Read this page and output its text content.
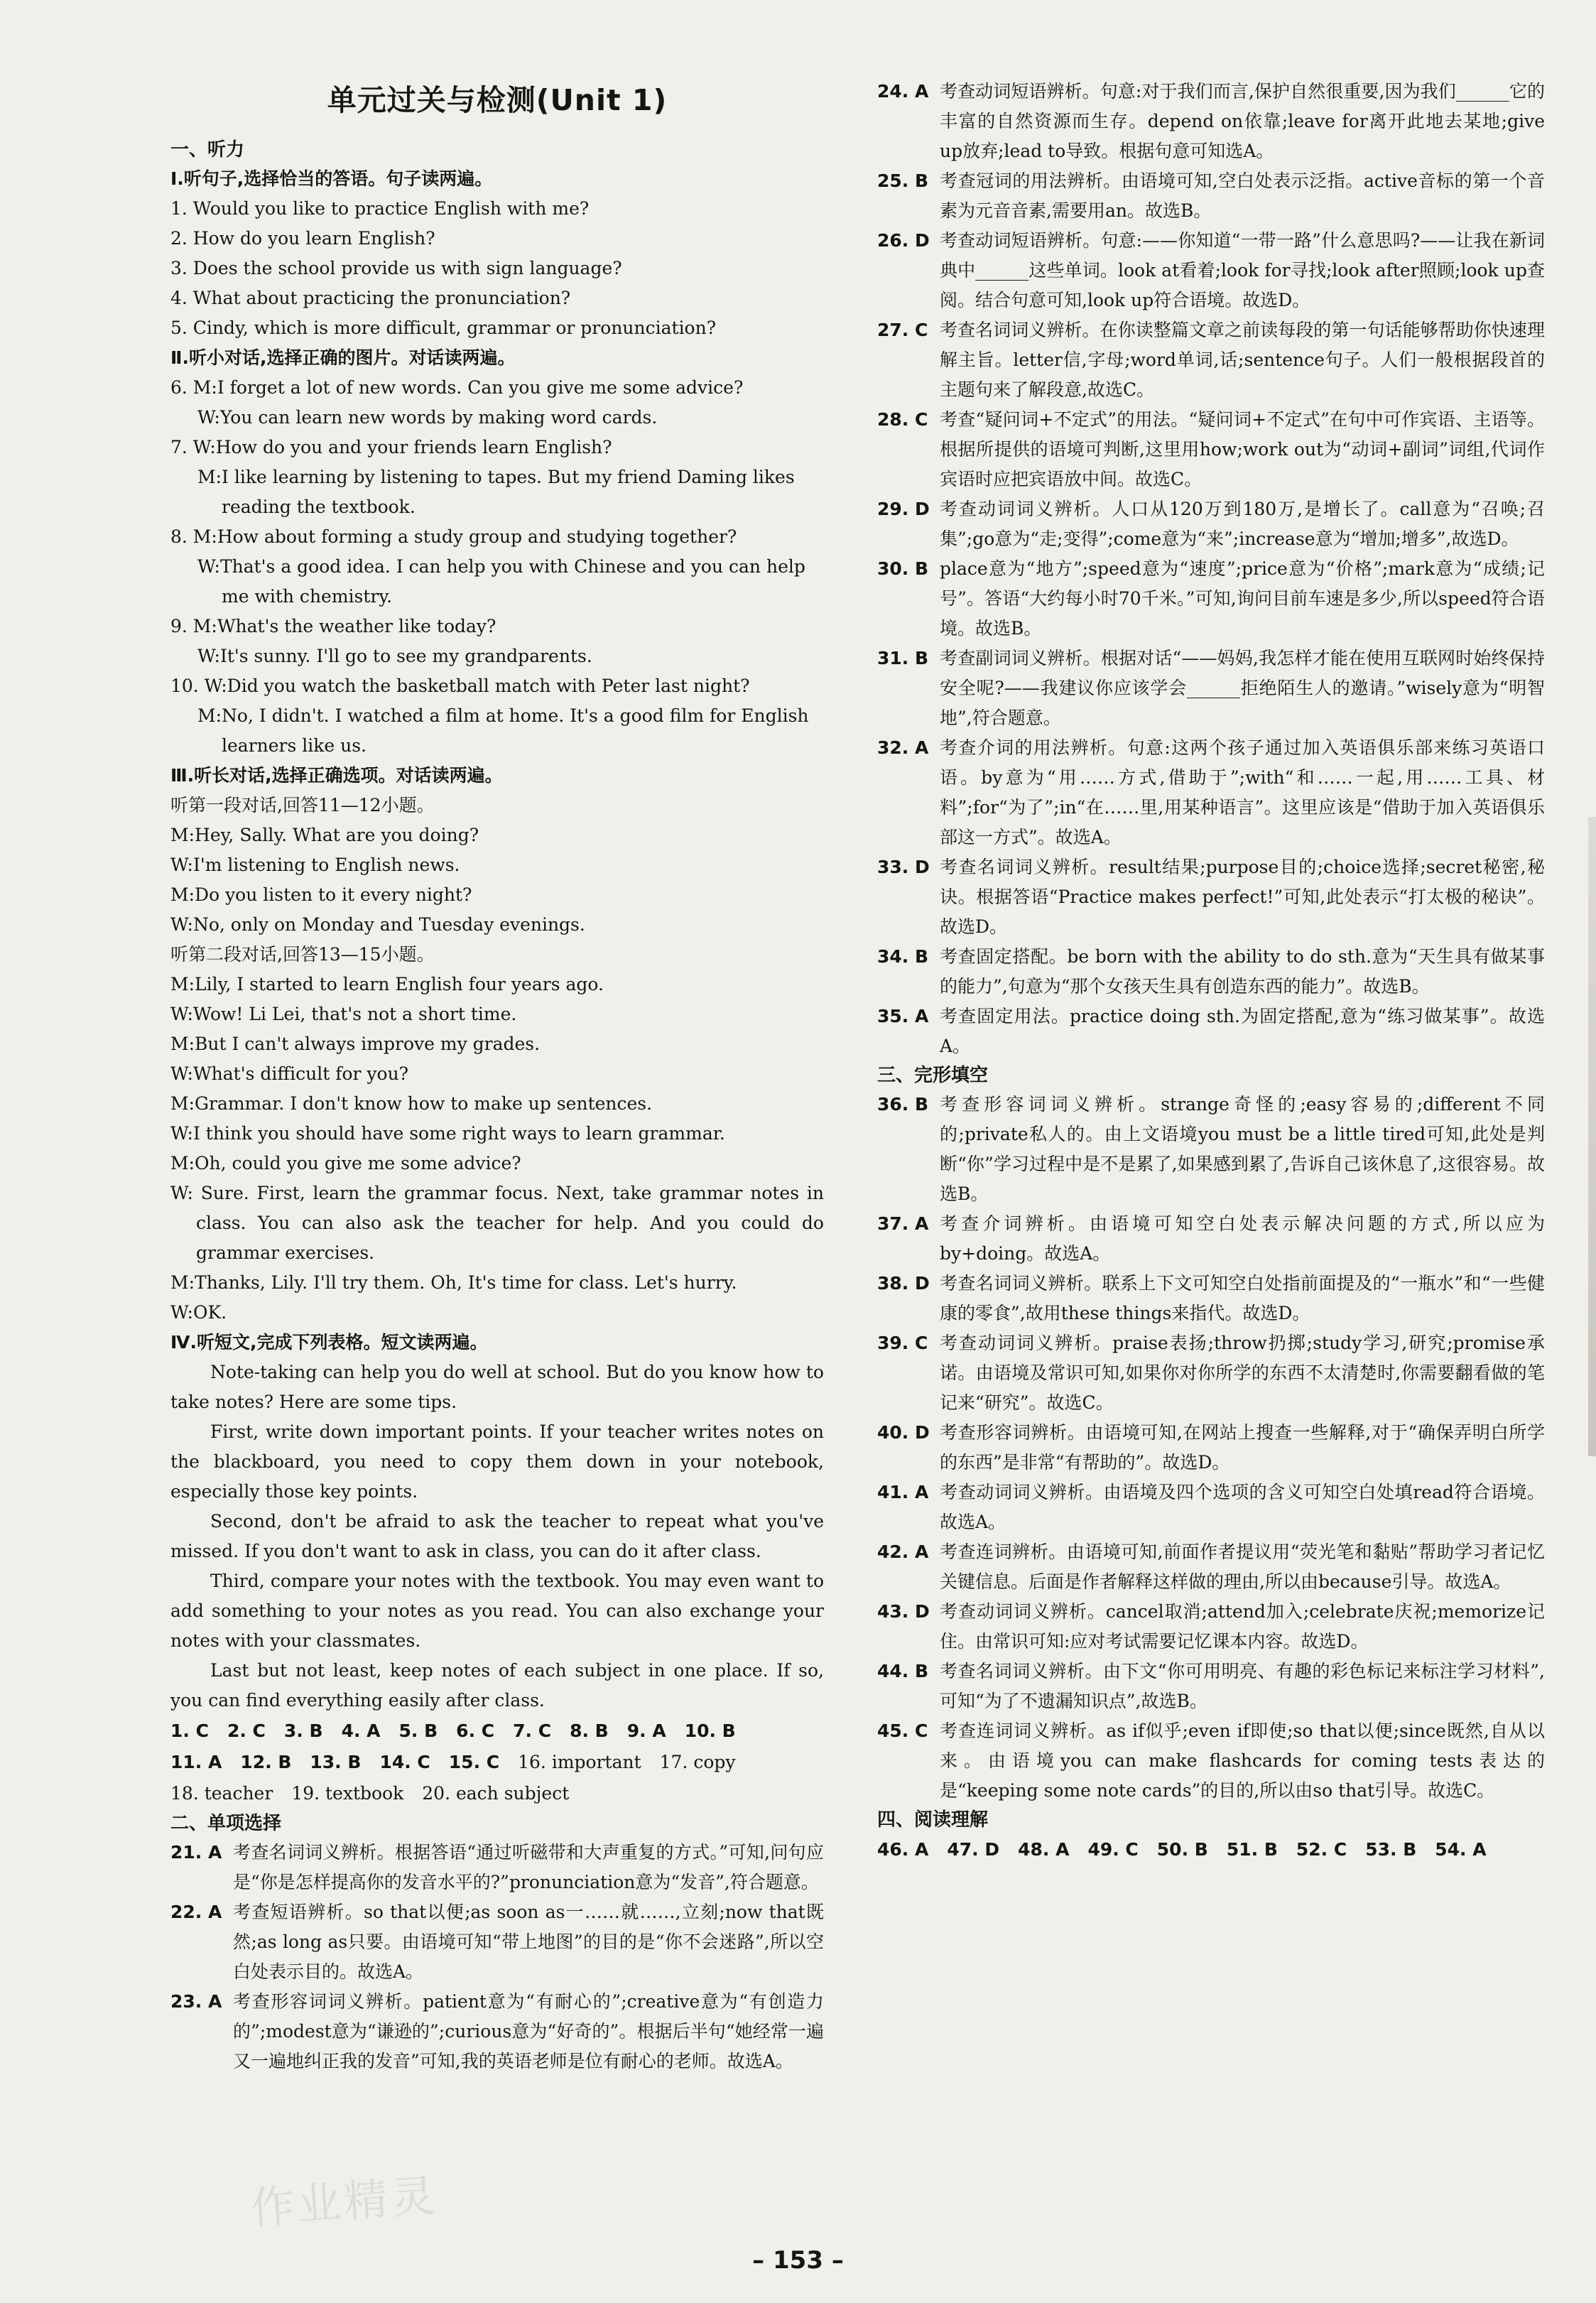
单元过关与检测(Unit 1)
一、听力
Ⅰ.听句子,选择恰当的答语。句子读两遍。
1. Would you like to practice English with me?
2. How do you learn English?
3. Does the school provide us with sign language?
4. What about practicing the pronunciation?
5. Cindy, which is more difficult, grammar or pronunciation?
Ⅱ.听小对话,选择正确的图片。对话读两遍。
6. M:I forget a lot of new words. Can you give me some advice?
W:You can learn new words by making word cards.
7. W:How do you and your friends learn English?
M:I like learning by listening to tapes. But my friend Daming likes reading the textbook.
8. M:How about forming a study group and studying together?
W:That's a good idea. I can help you with Chinese and you can help me with chemistry.
9. M:What's the weather like today?
W:It's sunny. I'll go to see my grandparents.
10. W:Did you watch the basketball match with Peter last night?
M:No, I didn't. I watched a film at home. It's a good film for English learners like us.
Ⅲ.听长对话,选择正确选项。对话读两遍。
听第一段对话,回答11—12小题。
M:Hey, Sally. What are you doing?
W:I'm listening to English news.
M:Do you listen to it every night?
W:No, only on Monday and Tuesday evenings.
听第二段对话,回答13—15小题。
M:Lily, I started to learn English four years ago.
W:Wow! Li Lei, that's not a short time.
M:But I can't always improve my grades.
W:What's difficult for you?
M:Grammar. I don't know how to make up sentences.
W:I think you should have some right ways to learn grammar.
M:Oh, could you give me some advice?
W: Sure. First, learn the grammar focus. Next, take grammar notes in class. You can also ask the teacher for help. And you could do grammar exercises.
M:Thanks, Lily. I'll try them. Oh, It's time for class. Let's hurry.
W:OK.
Ⅳ.听短文,完成下列表格。短文读两遍。
Note-taking can help you do well at school. But do you know how to take notes? Here are some tips.
First, write down important points. If your teacher writes notes on the blackboard, you need to copy them down in your notebook, especially those key points.
Second, don't be afraid to ask the teacher to repeat what you've missed. If you don't want to ask in class, you can do it after class.
Third, compare your notes with the textbook. You may even want to add something to your notes as you read. You can also exchange your notes with your classmates.
Last but not least, keep notes of each subject in one place. If so, you can find everything easily after class.
1. C 2. C 3. B 4. A 5. B 6. C 7. C 8. B 9. A 10. B
11. A 12. B 13. B 14. C 15. C 16. important 17. copy
18. teacher 19. textbook 20. each subject
二、单项选择
21. A 考查名词词义辨析。根据答语“通过听磁带和大声重复的方式。”可知,问句应是“你是怎样提高你的发音水平的?”pronunciation意为“发音”,符合题意。
22. A 考查短语辨析。so that以便;as soon as一……就……,立刻;now that既然;as long as只要。由语境可知“带上地图”的目的是“你不会迷路”,所以空白处表示目的。故选A。
23. A 考查形容词词义辨析。patient意为“有耐心的”;creative意为“有创造力的”;modest意为“谦逊的”;curious意为“好奇的”。根据后半句“她经常一遍又一遍地纠正我的发音”可知,我的英语老师是位有耐心的老师。故选A。
24. A 考查动词短语辨析。句意:对于我们而言,保护自然很重要,因为我们______它的丰富的自然资源而生存。depend on依靠;leave for离开此地去某地;give up放弃;lead to导致。根据句意可知选A。
25. B 考查冠词的用法辨析。由语境可知,空白处表示泛指。active音标的第一个音素为元音音素,需要用an。故选B。
26. D 考查动词短语辨析。句意:——你知道“一带一路”什么意思吗?——让我在新词典中______这些单词。look at看着;look for寻找;look after照顾;look up查阅。结合句意可知,look up符合语境。故选D。
27. C 考查名词词义辨析。在你读整篇文章之前读每段的第一句话能够帮助你快速理解主旨。letter信,字母;word单词,话;sentence句子。人们一般根据段首的主题句来了解段意,故选C。
28. C 考查“疑问词+不定式”的用法。“疑问词+不定式”在句中可作宾语、主语等。根据所提供的语境可判断,这里用how;work out为“动词+副词”词组,代词作宾语时应把宾语放中间。故选C。
29. D 考查动词词义辨析。人口从120万到180万,是增长了。call意为“召唤;召集”;go意为“走;变得”;come意为“来”;increase意为“增加;增多”,故选D。
30. B place意为“地方”;speed意为“速度”;price意为“价格”;mark意为“成绩;记号”。答语“大约每小时70千米。”可知,询问目前车速是多少,所以speed符合语境。故选B。
31. B 考查副词词义辨析。根据对话“——妈妈,我怎样才能在使用互联网时始终保持安全呢?——我建议你应该学会______拒绝陌生人的邀请。”wisely意为“明智地”,符合题意。
32. A 考查介词的用法辨析。句意:这两个孩子通过加入英语俱乐部来练习英语口语。by意为“用……方式,借助于”;with“和……一起,用……工具、材料”;for“为了”;in“在……里,用某种语言”。这里应该是“借助于加入英语俱乐部这一方式”。故选A。
33. D 考查名词词义辨析。result结果;purpose目的;choice选择;secret秘密,秘诀。根据答语“Practice makes perfect!”可知,此处表示“打太极的秘诀”。故选D。
34. B 考查固定搭配。be born with the ability to do sth.意为“天生具有做某事的能力”,句意为“那个女孩天生具有创造东西的能力”。故选B。
35. A 考查固定用法。practice doing sth.为固定搭配,意为“练习做某事”。故选A。
三、完形填空
36. B 考查形容词词义辨析。strange奇怪的;easy容易的;different不同的;private私人的。由上文语境you must be a little tired可知,此处是判断“你”学习过程中是不是累了,如果感到累了,告诉自己该休息了,这很容易。故选B。
37. A 考查介词辨析。由语境可知空白处表示解决问题的方式,所以应为by+doing。故选A。
38. D 考查名词词义辨析。联系上下文可知空白处指前面提及的“一瓶水”和“一些健康的零食”,故用these things来指代。故选D。
39. C 考查动词词义辨析。praise表扬;throw扔掷;study学习,研究;promise承诺。由语境及常识可知,如果你对你所学的东西不太清楚时,你需要翻看做的笔记来“研究”。故选C。
40. D 考查形容词辨析。由语境可知,在网站上搜查一些解释,对于“确保弄明白所学的东西”是非常“有帮助的”。故选D。
41. A 考查动词词义辨析。由语境及四个选项的含义可知空白处填read符合语境。故选A。
42. A 考查连词辨析。由语境可知,前面作者提议用“荧光笔和黏贴”帮助学习者记忆关键信息。后面是作者解释这样做的理由,所以由because引导。故选A。
43. D 考查动词词义辨析。cancel取消;attend加入;celebrate庆祝;memorize记住。由常识可知:应对考试需要记忆课本内容。故选D。
44. B 考查名词词义辨析。由下文“你可用明亮、有趣的彩色标记来标注学习材料”,可知“为了不遗漏知识点”,故选B。
45. C 考查连词词义辨析。as if似乎;even if即使;so that以便;since既然,自从以来。由语境you can make flashcards for coming tests表达的是“keeping some note cards”的目的,所以由so that引导。故选C。
四、阅读理解
46. A 47. D 48. A 49. C 50. B 51. B 52. C 53. B 54. A
– 153 –
作业精灵
